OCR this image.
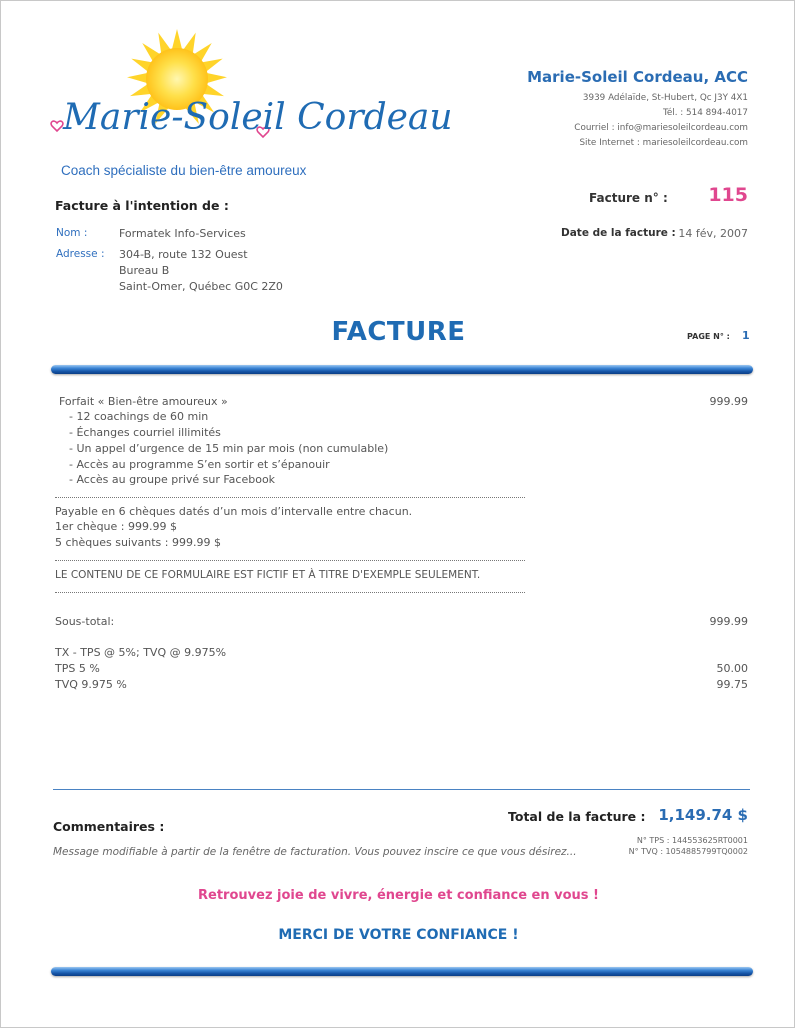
Marie-Soleil Cordeau
Coach spécialiste du bien-être amoureux
Marie-Soleil Cordeau, ACC
3939 Adélaïde, St-Hubert, Qc J3Y 4X1
Tél. : 514 894-4017
Courriel : info@mariesoleilcordeau.com
Site Internet : mariesoleilcordeau.com
Facture n° : 115
Date de la facture : 14 fév, 2007
Facture à l'intention de :
Nom :	Formatek Info-Services
Adresse : 304-B, route 132 Ouest
Bureau B
Saint-Omer, Québec G0C 2Z0
FACTURE	PAGE N° : 1
Forfait « Bien-être amoureux »	999.99
- 12 coachings de 60 min
- Échanges courriel illimités
- Un appel d’urgence de 15 min par mois (non cumulable)
- Accès au programme S’en sortir et s’épanouir
- Accès au groupe privé sur Facebook
Payable en 6 chèques datés d’un mois d’intervalle entre chacun.
1er chèque : 999.99 $
5 chèques suivants : 999.99 $
LE CONTENU DE CE FORMULAIRE EST FICTIF ET À TITRE D'EXEMPLE SEULEMENT.
Sous-total:	999.99
TX - TPS @ 5%; TVQ @ 9.975%
TPS 5 %	50.00
TVQ 9.975 %	99.75
Total de la facture : 1,149.74 $
N° TPS : 144553625RT0001
N° TVQ : 1054885799TQ0002
Commentaires :
Message modifiable à partir de la fenêtre de facturation. Vous pouvez inscire ce que vous désirez...
Retrouvez joie de vivre, énergie et confiance en vous !
MERCI DE VOTRE CONFIANCE !
